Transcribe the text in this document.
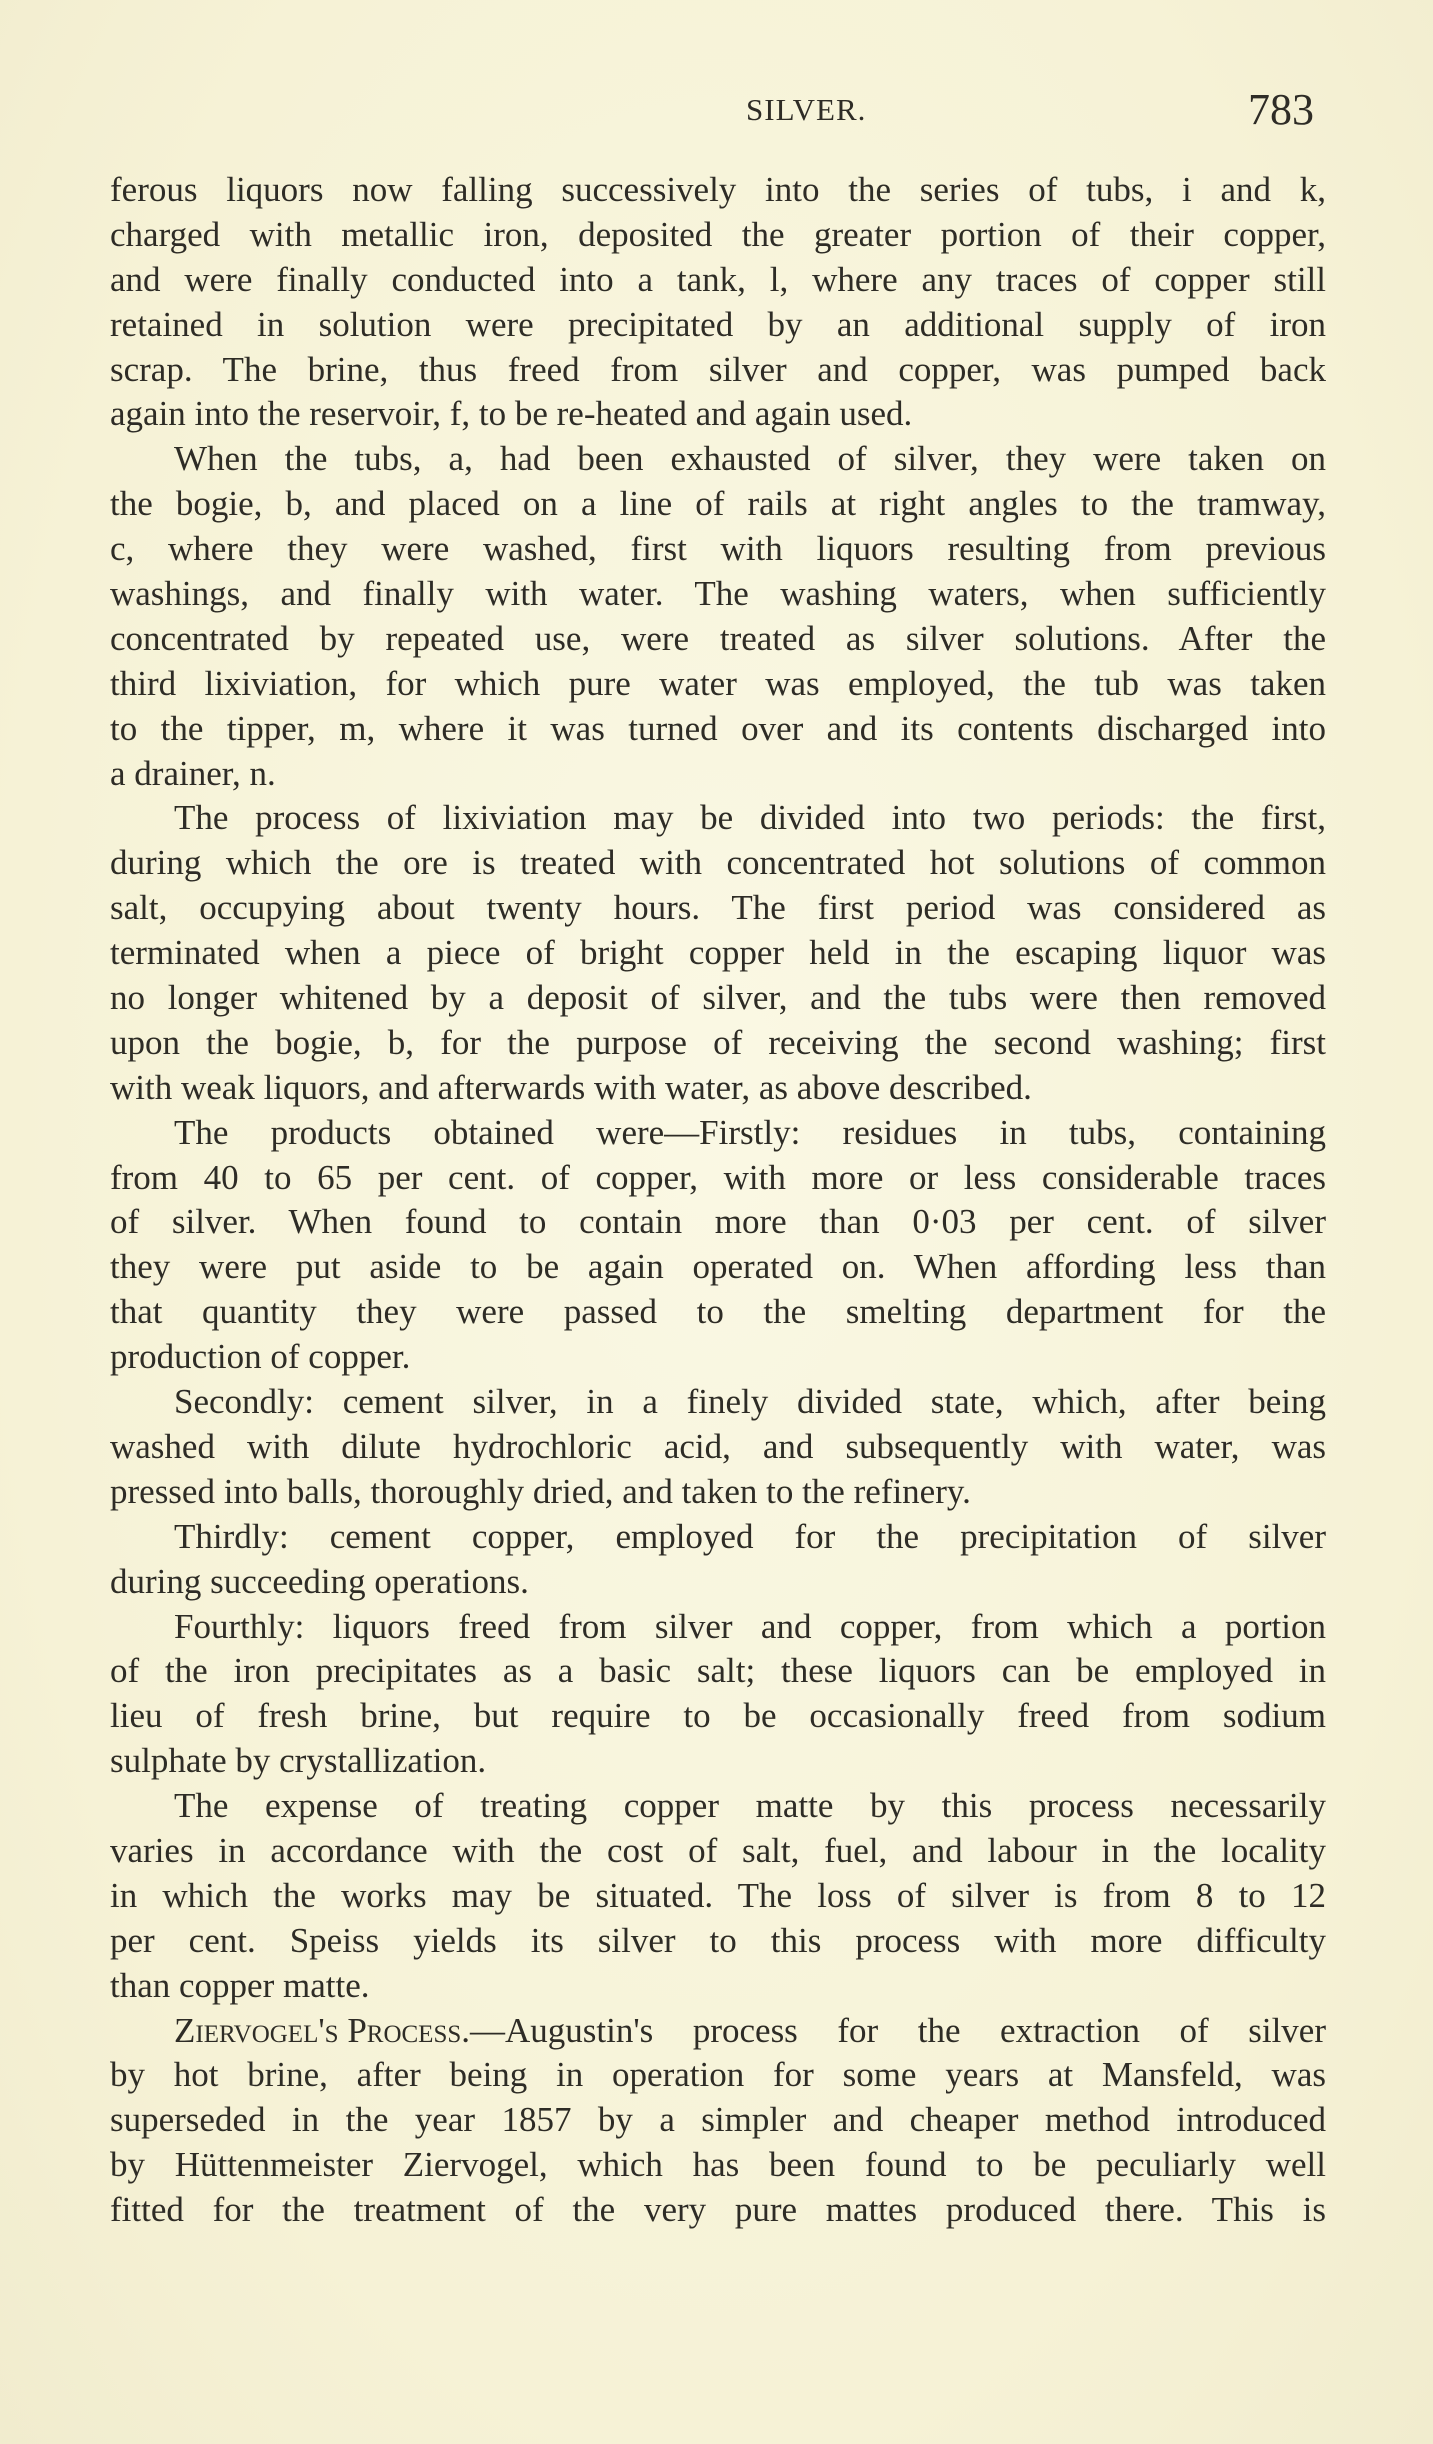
SILVER.	783
ferous liquors now falling successively into the series of tubs, i and k,
charged with metallic iron, deposited the greater portion of their copper,
and were finally conducted into a tank, l, where any traces of copper still
retained in solution were precipitated by an additional supply of iron
scrap. The brine, thus freed from silver and copper, was pumped back
again into the reservoir, f, to be re-heated and again used.
When the tubs, a, had been exhausted of silver, they were taken on
the bogie, b, and placed on a line of rails at right angles to the tramway,
c, where they were washed, first with liquors resulting from previous
washings, and finally with water. The washing waters, when sufficiently
concentrated by repeated use, were treated as silver solutions. After the
third lixiviation, for which pure water was employed, the tub was taken
to the tipper, m, where it was turned over and its contents discharged into
a drainer, n.
The process of lixiviation may be divided into two periods: the first,
during which the ore is treated with concentrated hot solutions of common
salt, occupying about twenty hours. The first period was considered as
terminated when a piece of bright copper held in the escaping liquor was
no longer whitened by a deposit of silver, and the tubs were then removed
upon the bogie, b, for the purpose of receiving the second washing; first
with weak liquors, and afterwards with water, as above described.
The products obtained were—Firstly: residues in tubs, containing
from 40 to 65 per cent. of copper, with more or less considerable traces
of silver. When found to contain more than 0·03 per cent. of silver
they were put aside to be again operated on. When affording less than
that quantity they were passed to the smelting department for the
production of copper.
Secondly: cement silver, in a finely divided state, which, after being
washed with dilute hydrochloric acid, and subsequently with water, was
pressed into balls, thoroughly dried, and taken to the refinery.
Thirdly: cement copper, employed for the precipitation of silver
during succeeding operations.
Fourthly: liquors freed from silver and copper, from which a portion
of the iron precipitates as a basic salt; these liquors can be employed in
lieu of fresh brine, but require to be occasionally freed from sodium
sulphate by crystallization.
The expense of treating copper matte by this process necessarily
varies in accordance with the cost of salt, fuel, and labour in the locality
in which the works may be situated. The loss of silver is from 8 to 12
per cent. Speiss yields its silver to this process with more difficulty
than copper matte.
Ziervogel's Process. —Augustin's process for the extraction of silver
by hot brine, after being in operation for some years at Mansfeld, was
superseded in the year 1857 by a simpler and cheaper method introduced
by Hüttenmeister Ziervogel, which has been found to be peculiarly well
fitted for the treatment of the very pure mattes produced there. This is
